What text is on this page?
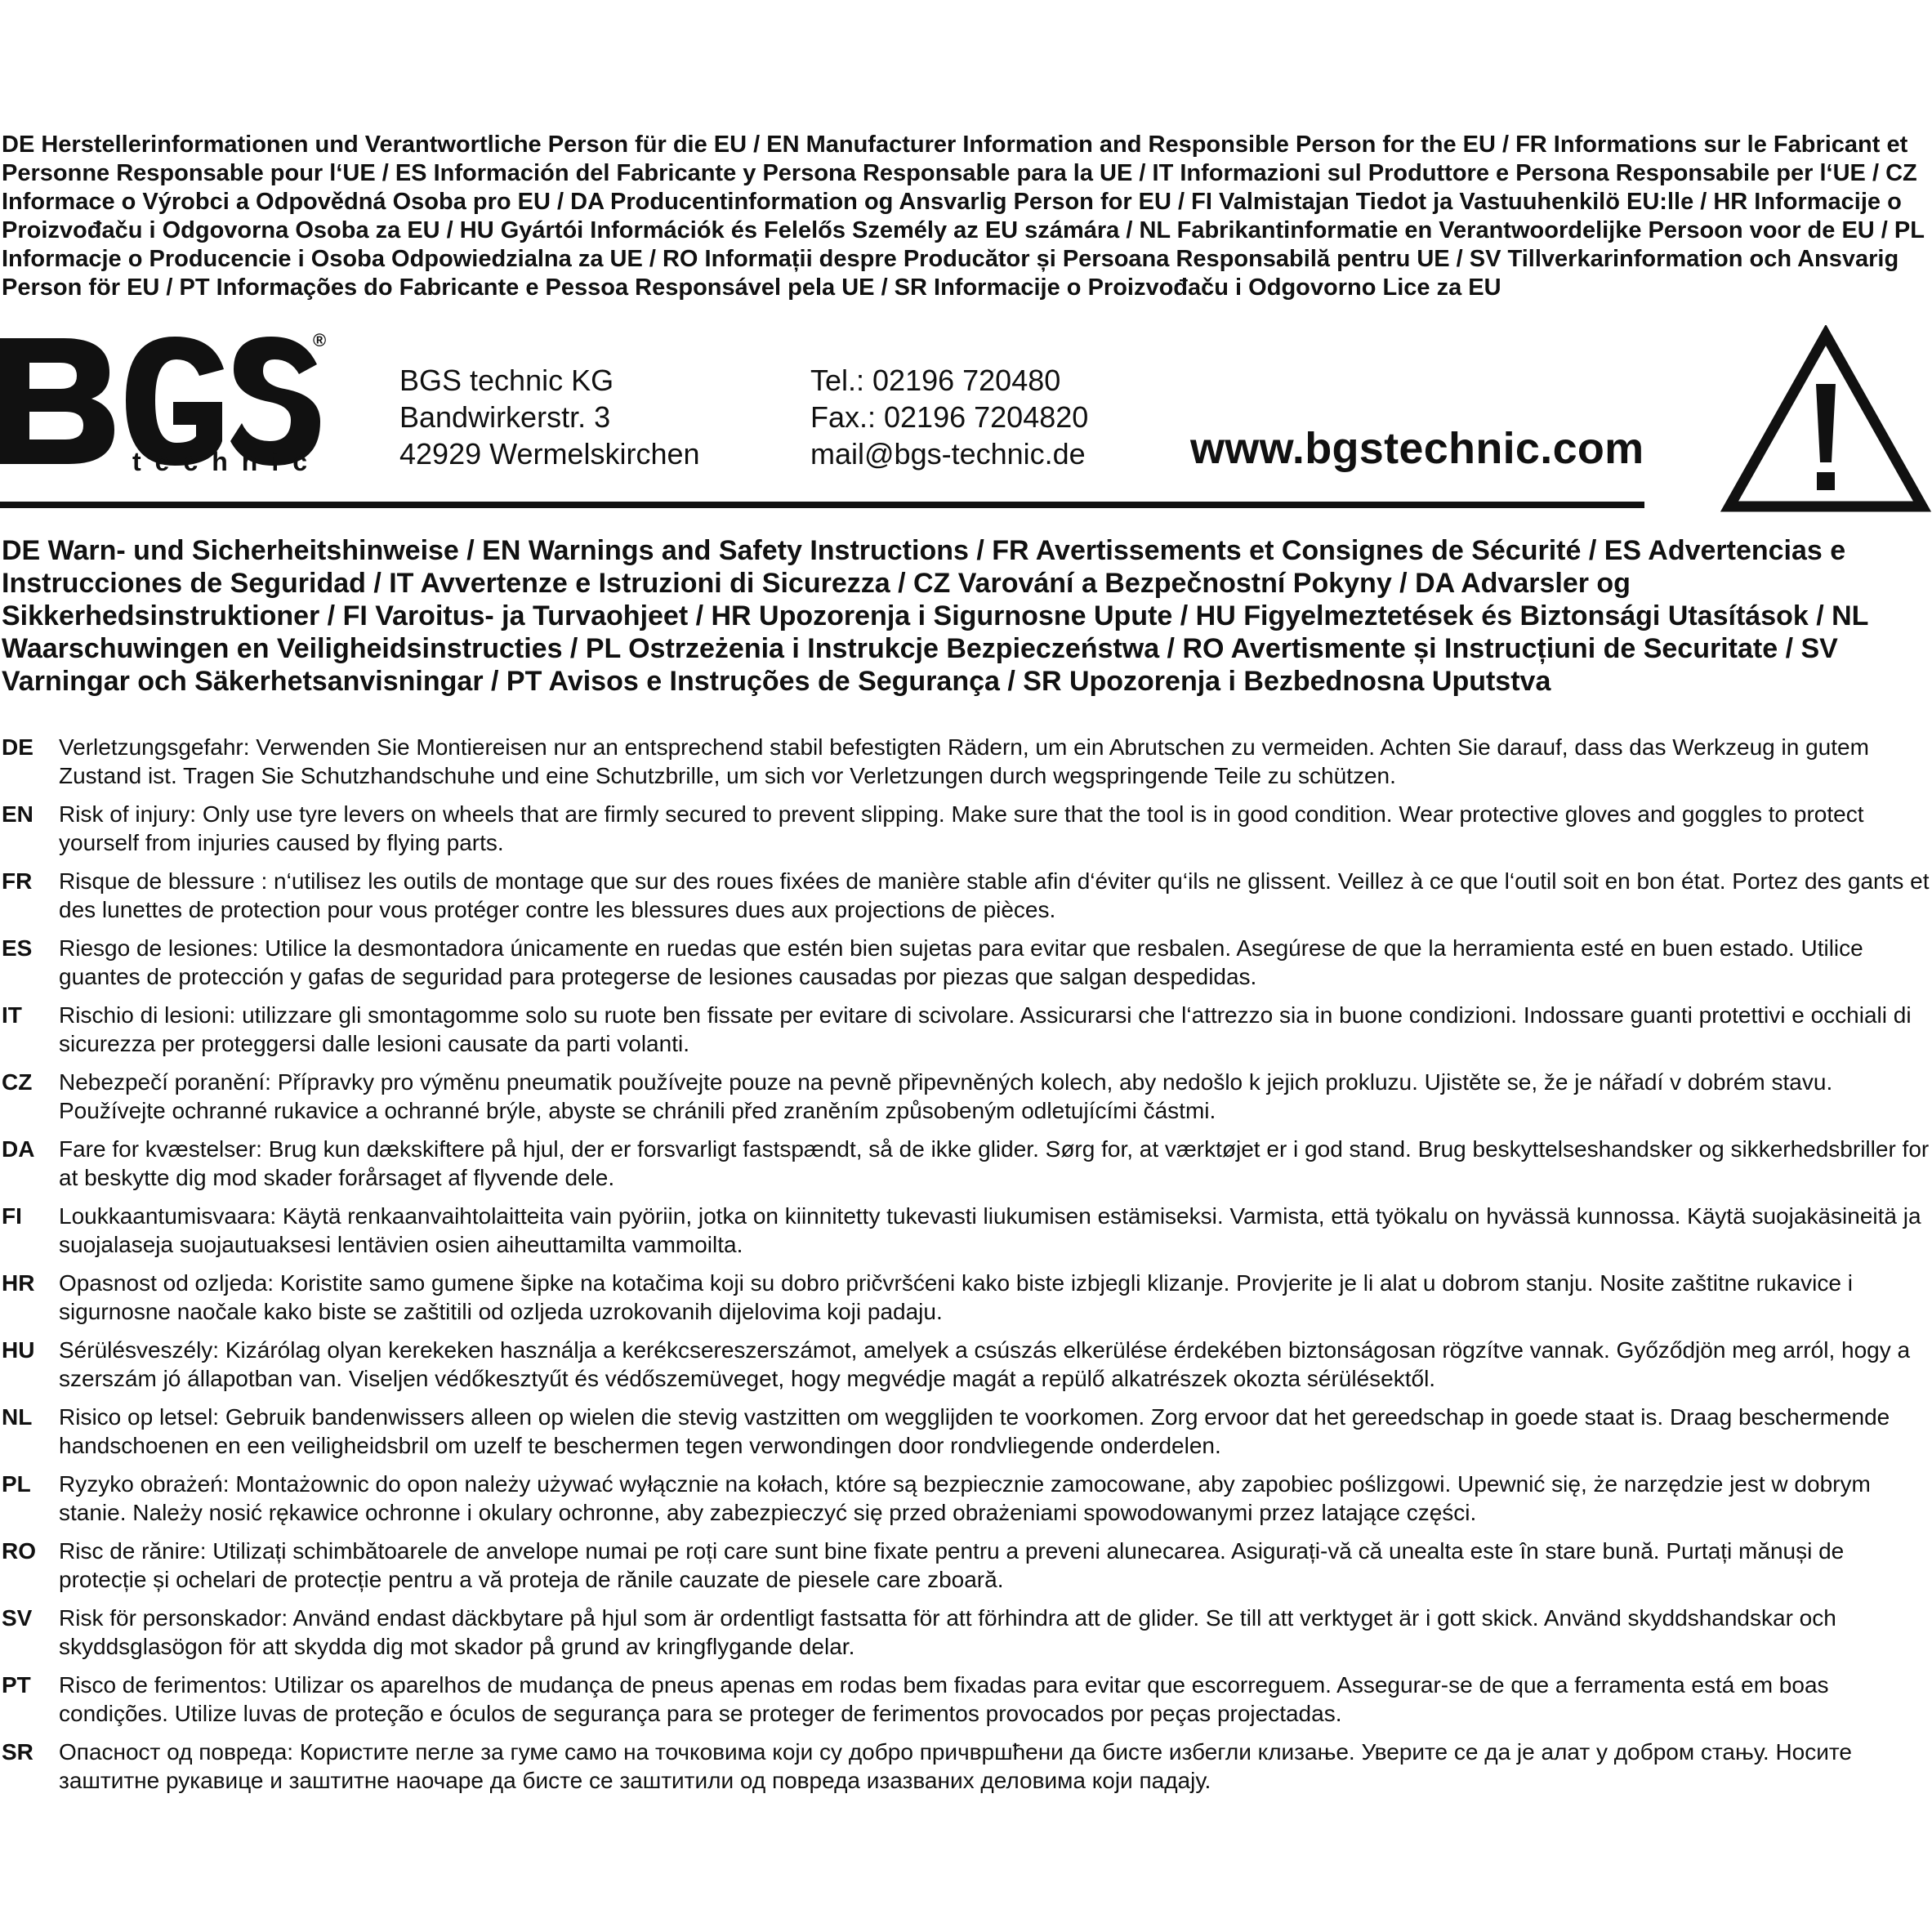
DE Herstellerinformationen und Verantwortliche Person für die EU / EN Manufacturer Information and Responsible Person for the EU / FR Informations sur le Fabricant et Personne Responsable pour l‘UE / ES Información del Fabricante y Persona Responsable para la UE / IT Informazioni sul Produttore e Persona Responsabile per l‘UE / CZ Informace o Výrobci a Odpovědná Osoba pro EU / DA Producentinformation og Ansvarlig Person for EU / FI Valmistajan Tiedot ja Vastuuhenkilö EU:lle / HR Informacije o Proizvođaču i Odgovorna Osoba za EU / HU Gyártói Információk és Felelős Személy az EU számára / NL Fabrikantinformatie en Verantwoordelijke Persoon voor de EU / PL Informacje o Producencie i Osoba Odpowiedzialna za UE / RO Informații despre Producător și Persoana Responsabilă pentru UE / SV Tillverkarinformation och Ansvarig Person för EU / PT Informações do Fabricante e Pessoa Responsável pela UE / SR Informacije o Proizvođaču i Odgovorno Lice za EU

®
technic
BGS technic KG
Bandwirkerstr. 3
42929 Wermelskirchen
Tel.: 02196 720480
Fax.: 02196 7204820
mail@bgs-technic.de www.bgstechnic.com

DE Warn- und Sicherheitshinweise / EN Warnings and Safety Instructions / FR Avertissements et Consignes de Sécurité / ES Advertencias e Instrucciones de Seguridad / IT Avvertenze e Istruzioni di Sicurezza / CZ Varování a Bezpečnostní Pokyny / DA Advarsler og Sikkerhedsinstruktioner / FI Varoitus- ja Turvaohjeet / HR Upozorenja i Sigurnosne Upute / HU Figyelmeztetések és Biztonsági Utasítások / NL Waarschuwingen en Veiligheidsinstructies / PL Ostrzeżenia i Instrukcje Bezpieczeństwa / RO Avertismente și Instrucțiuni de Securitate / SV Varningar och Säkerhetsanvisningar / PT Avisos e Instruções de Segurança / SR Upozorenja i Bezbednosna Uputstva

DE Verletzungsgefahr: Verwenden Sie Montiereisen nur an entsprechend stabil befestigten Rädern, um ein Abrutschen zu vermeiden. Achten Sie darauf, dass das Werkzeug in gutem Zustand ist. Tragen Sie Schutzhandschuhe und eine Schutzbrille, um sich vor Verletzungen durch wegspringende Teile zu schützen.
EN Risk of injury: Only use tyre levers on wheels that are firmly secured to prevent slipping. Make sure that the tool is in good condition. Wear protective gloves and goggles to protect yourself from injuries caused by flying parts.
FR Risque de blessure : n‘utilisez les outils de montage que sur des roues fixées de manière stable afin d‘éviter qu‘ils ne glissent. Veillez à ce que l‘outil soit en bon état. Portez des gants et des lunettes de protection pour vous protéger contre les blessures dues aux projections de pièces.
ES Riesgo de lesiones: Utilice la desmontadora únicamente en ruedas que estén bien sujetas para evitar que resbalen. Asegúrese de que la herramienta esté en buen estado. Utilice guantes de protección y gafas de seguridad para protegerse de lesiones causadas por piezas que salgan despedidas.
IT Rischio di lesioni: utilizzare gli smontagomme solo su ruote ben fissate per evitare di scivolare. Assicurarsi che l‘attrezzo sia in buone condizioni. Indossare guanti protettivi e occhiali di sicurezza per proteggersi dalle lesioni causate da parti volanti.
CZ Nebezpečí poranění: Přípravky pro výměnu pneumatik používejte pouze na pevně připevněných kolech, aby nedošlo k jejich prokluzu. Ujistěte se, že je nářadí v dobrém stavu. Používejte ochranné rukavice a ochranné brýle, abyste se chránili před zraněním způsobeným odletujícími částmi.
DA Fare for kvæstelser: Brug kun dækskiftere på hjul, der er forsvarligt fastspændt, så de ikke glider. Sørg for, at værktøjet er i god stand. Brug beskyttelseshandsker og sikkerhedsbriller for at beskytte dig mod skader forårsaget af flyvende dele.
FI Loukkaantumisvaara: Käytä renkaanvaihtolaitteita vain pyöriin, jotka on kiinnitetty tukevasti liukumisen estämiseksi. Varmista, että työkalu on hyvässä kunnossa. Käytä suojakäsineitä ja suojalaseja suojautuaksesi lentävien osien aiheuttamilta vammoilta.
HR Opasnost od ozljeda: Koristite samo gumene šipke na kotačima koji su dobro pričvršćeni kako biste izbjegli klizanje. Provjerite je li alat u dobrom stanju. Nosite zaštitne rukavice i sigurnosne naočale kako biste se zaštitili od ozljeda uzrokovanih dijelovima koji padaju.
HU Sérülésveszély: Kizárólag olyan kerekeken használja a kerékcsereszerszámot, amelyek a csúszás elkerülése érdekében biztonságosan rögzítve vannak. Győződjön meg arról, hogy a szerszám jó állapotban van. Viseljen védőkesztyűt és védőszemüveget, hogy megvédje magát a repülő alkatrészek okozta sérülésektől.
NL Risico op letsel: Gebruik bandenwissers alleen op wielen die stevig vastzitten om wegglijden te voorkomen. Zorg ervoor dat het gereedschap in goede staat is. Draag beschermende handschoenen en een veiligheidsbril om uzelf te beschermen tegen verwondingen door rondvliegende onderdelen.
PL Ryzyko obrażeń: Montażownic do opon należy używać wyłącznie na kołach, które są bezpiecznie zamocowane, aby zapobiec poślizgowi. Upewnić się, że narzędzie jest w dobrym stanie. Należy nosić rękawice ochronne i okulary ochronne, aby zabezpieczyć się przed obrażeniami spowodowanymi przez latające części.
RO Risc de rănire: Utilizați schimbătoarele de anvelope numai pe roți care sunt bine fixate pentru a preveni alunecarea. Asigurați-vă că unealta este în stare bună. Purtați mănuși de protecție și ochelari de protecție pentru a vă proteja de rănile cauzate de piesele care zboară.
SV Risk för personskador: Använd endast däckbytare på hjul som är ordentligt fastsatta för att förhindra att de glider. Se till att verktyget är i gott skick. Använd skyddshandskar och skyddsglasögon för att skydda dig mot skador på grund av kringflygande delar.
PT Risco de ferimentos: Utilizar os aparelhos de mudança de pneus apenas em rodas bem fixadas para evitar que escorreguem. Assegurar-se de que a ferramenta está em boas condições. Utilize luvas de proteção e óculos de segurança para se proteger de ferimentos provocados por peças projectadas.
SR Опасност од повреда: Користите пегле за гуме само на точковима који су добро причвршћени да бисте избегли клизање. Уверите се да је алат у добром стању. Носите заштитне рукавице и заштитне наочаре да бисте се заштитили од повреда изазваних деловима који падају.
